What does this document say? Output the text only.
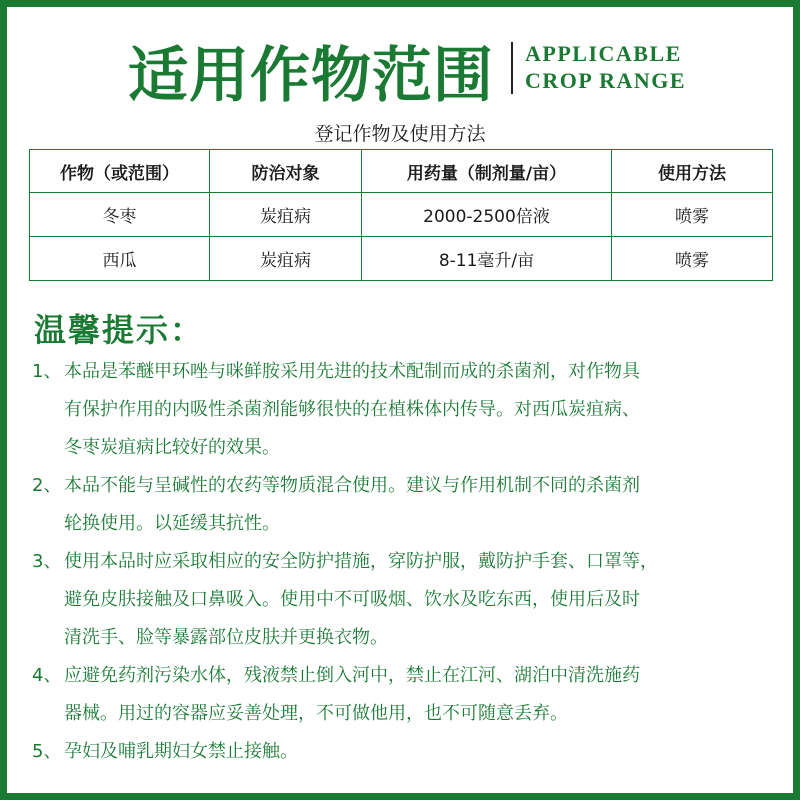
适用作物范围 APPLICABLE
CROP RANGE
登记作物及使用方法
作物（或范围）	防治对象	用药量（制剂量/亩）	使用方法
冬枣	炭疽病	2000-2500倍液	喷雾
西瓜	炭疽病	8-11毫升/亩	喷雾
温馨提示：
1、 本品是苯醚甲环唑与咪鲜胺采用先进的技术配制而成的杀菌剂，对作物具
有保护作用的内吸性杀菌剂能够很快的在植株体内传导。对西瓜炭疽病、
冬枣炭疽病比较好的效果。
2、 本品不能与呈碱性的农药等物质混合使用。建议与作用机制不同的杀菌剂
轮换使用。以延缓其抗性。
3、 使用本品时应采取相应的安全防护措施，穿防护服，戴防护手套、口罩等，
避免皮肤接触及口鼻吸入。使用中不可吸烟、饮水及吃东西，使用后及时
清洗手、脸等暴露部位皮肤并更换衣物。
4、 应避免药剂污染水体，残液禁止倒入河中，禁止在江河、湖泊中清洗施药
器械。用过的容器应妥善处理，不可做他用，也不可随意丢弃。
5、 孕妇及哺乳期妇女禁止接触。
